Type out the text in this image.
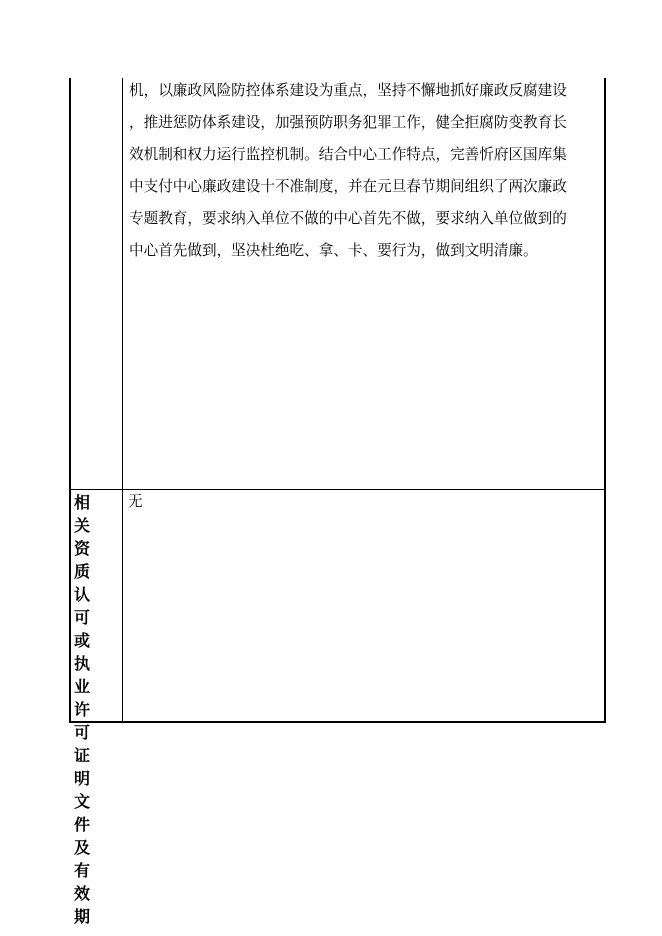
机，以廉政风险防控体系建设为重点，坚持不懈地抓好廉政反腐建设
，推进惩防体系建设，加强预防职务犯罪工作，健全拒腐防变教育长
效机制和权力运行监控机制。结合中心工作特点，完善忻府区国库集
中支付中心廉政建设十不准制度，并在元旦春节期间组织了两次廉政
专题教育，要求纳入单位不做的中心首先不做，要求纳入单位做到的
中心首先做到，坚决杜绝吃、拿、卡、要行为，做到文明清廉。

相关资质认可或执业许可证明文件及有效期

无
